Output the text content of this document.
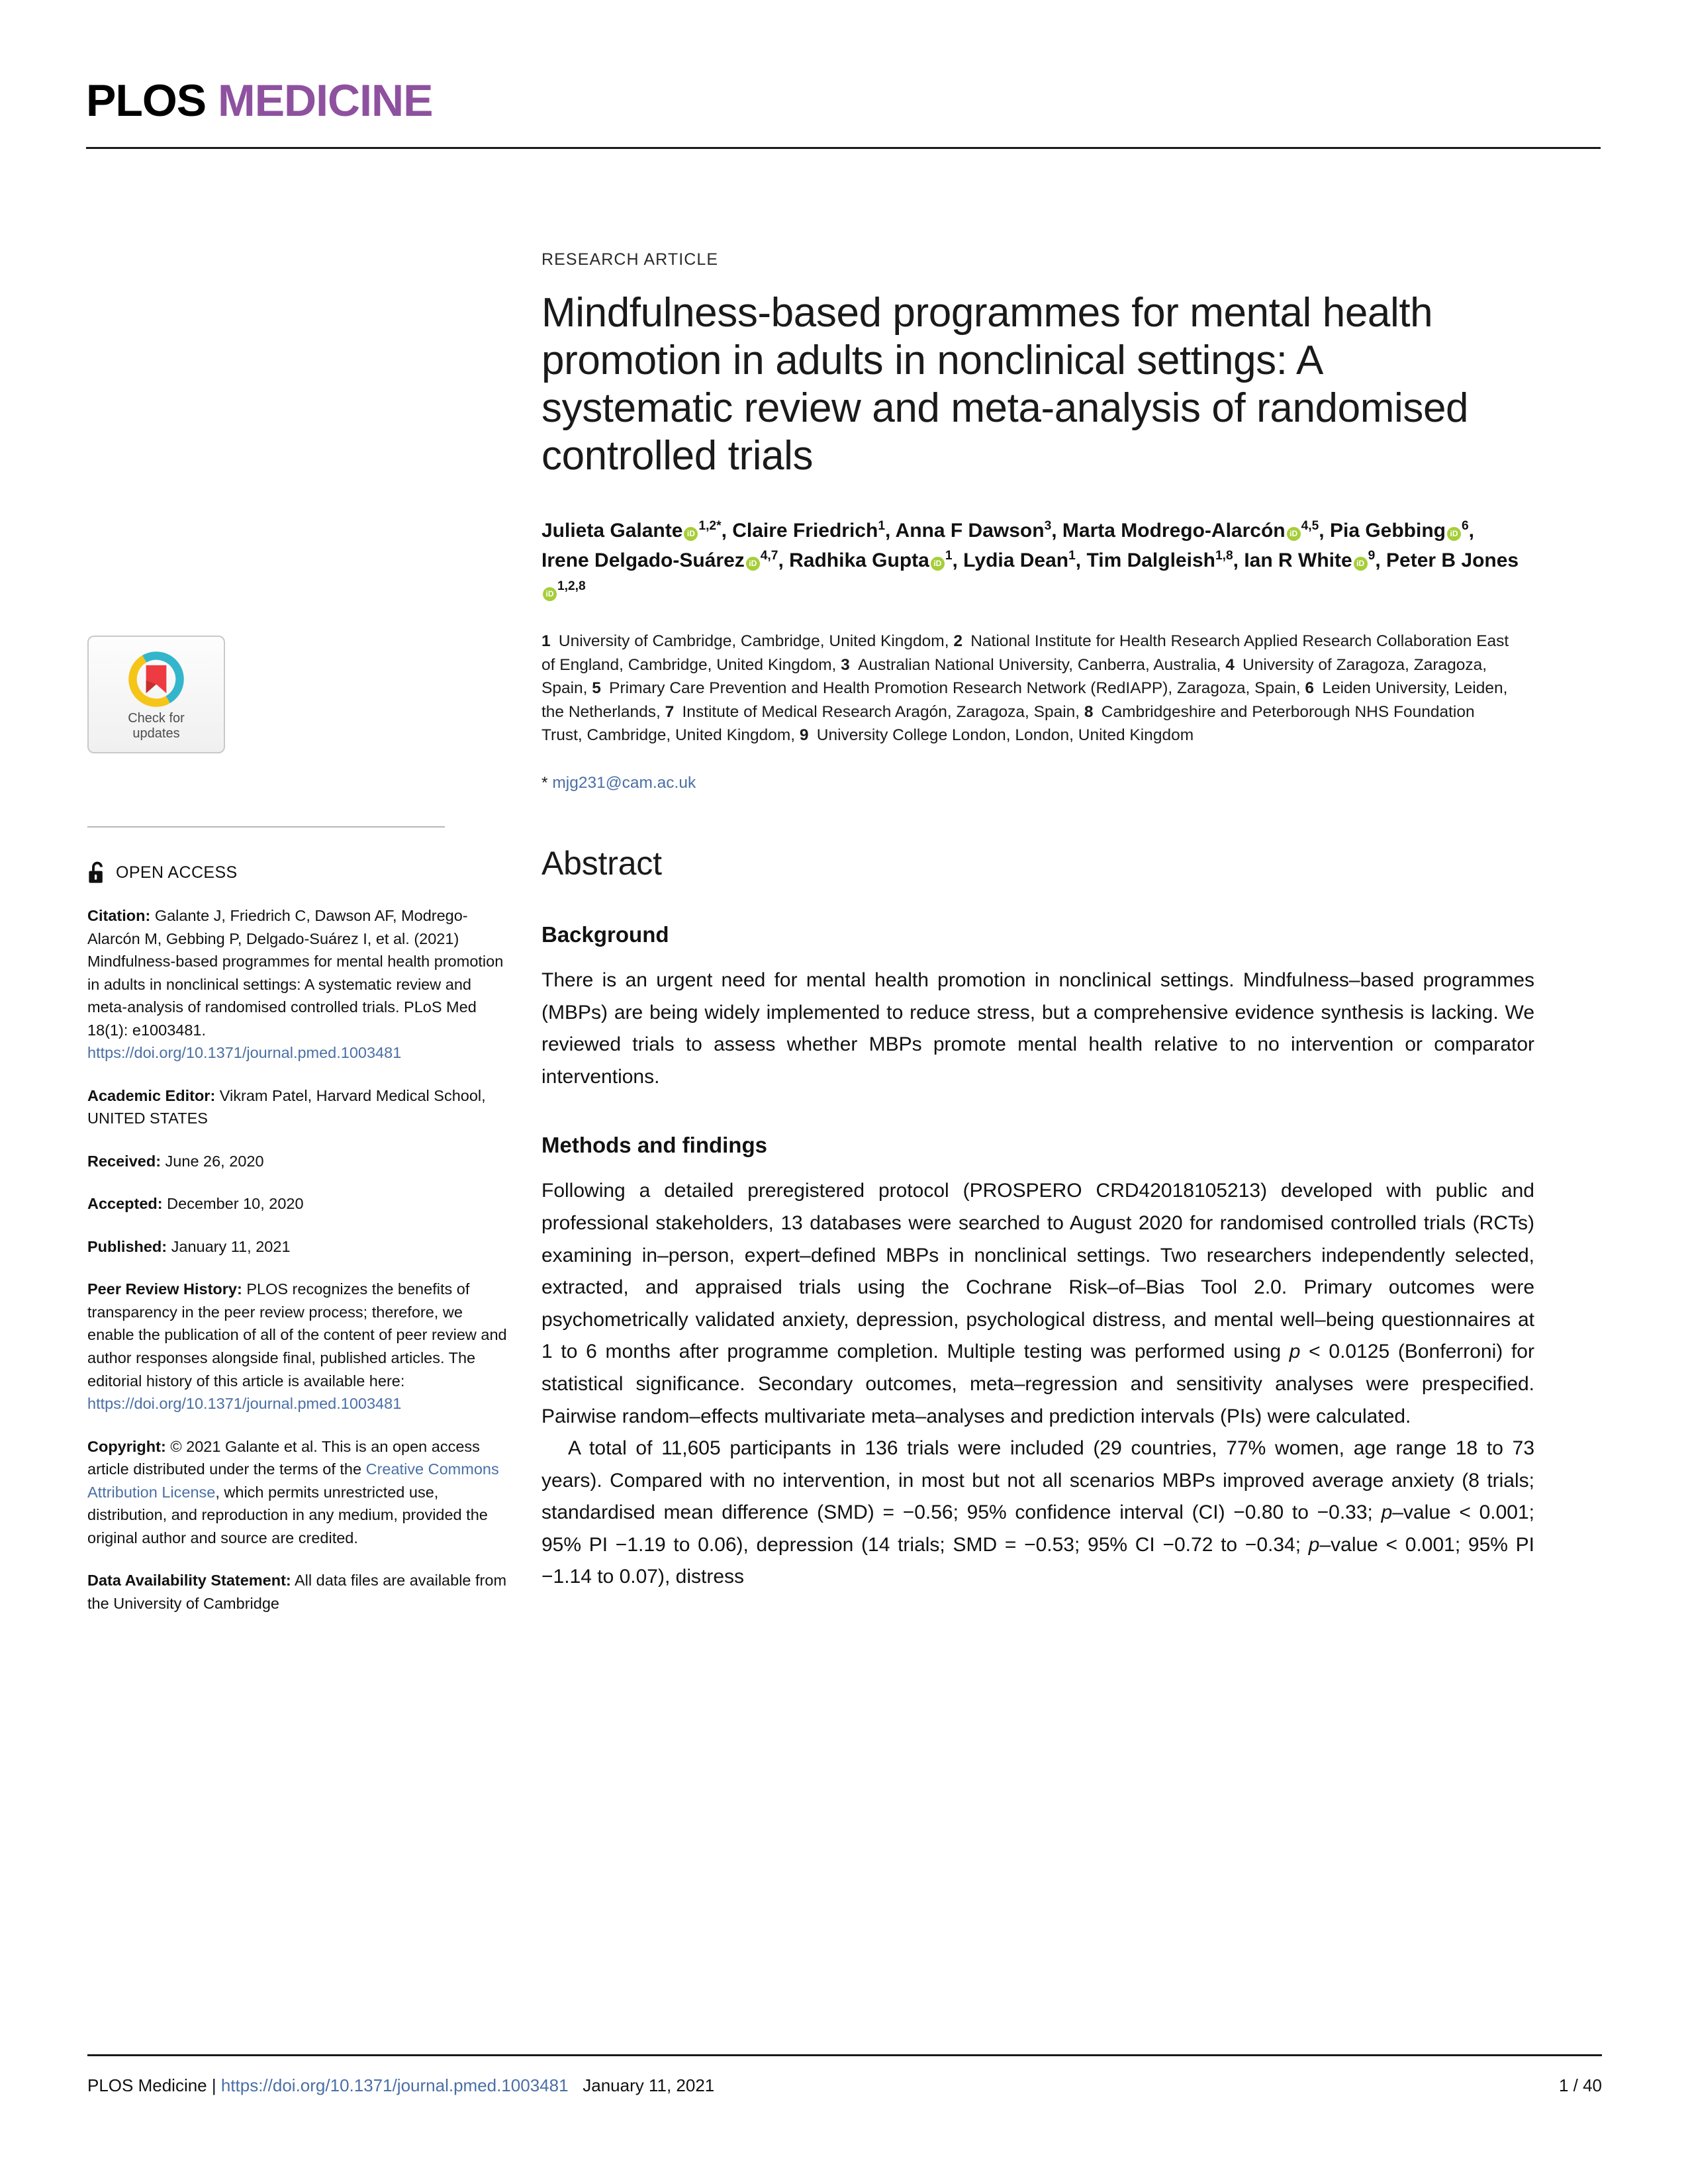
PLOS MEDICINE
Check for
updates
OPEN ACCESS
Citation: Galante J, Friedrich C, Dawson AF, Modrego-Alarcón M, Gebbing P, Delgado-Suárez I, et al. (2021) Mindfulness-based programmes for mental health promotion in adults in nonclinical settings: A systematic review and meta-analysis of randomised controlled trials. PLoS Med 18(1): e1003481. https://doi.org/10.1371/journal.pmed.1003481
Academic Editor: Vikram Patel, Harvard Medical School, UNITED STATES
Received: June 26, 2020
Accepted: December 10, 2020
Published: January 11, 2021
Peer Review History: PLOS recognizes the benefits of transparency in the peer review process; therefore, we enable the publication of all of the content of peer review and author responses alongside final, published articles. The editorial history of this article is available here: https://doi.org/10.1371/journal.pmed.1003481
Copyright: © 2021 Galante et al. This is an open access article distributed under the terms of the Creative Commons Attribution License, which permits unrestricted use, distribution, and reproduction in any medium, provided the original author and source are credited.
Data Availability Statement: All data files are available from the University of Cambridge
RESEARCH ARTICLE
Mindfulness-based programmes for mental health promotion in adults in nonclinical settings: A systematic review and meta-analysis of randomised controlled trials
Julieta Galante $iD^{1,2*}$, Claire Friedrich$^1$, Anna F Dawson$^3$, Marta Modrego-Alarcón iD$^{4,5}$, Pia Gebbing $iD^6$, Irene Delgado-Suárez iD$^{4,7}$, Radhika Gupta $iD^1$, Lydia Dean$^1$, Tim Dalgleish$^{1,8}$, Ian R White $iD^9$, Peter B JonesiD$^{1,2,8}$
1 University of Cambridge, Cambridge, United Kingdom, 2 National Institute for Health Research Applied Research Collaboration East of England, Cambridge, United Kingdom, 3 Australian National University, Canberra, Australia, 4 University of Zaragoza, Zaragoza, Spain, 5 Primary Care Prevention and Health Promotion Research Network (RedIAPP), Zaragoza, Spain, 6 Leiden University, Leiden, the Netherlands, 7 Institute of Medical Research Aragón, Zaragoza, Spain, 8 Cambridgeshire and Peterborough NHS Foundation Trust, Cambridge, United Kingdom, 9 University College London, London, United Kingdom
* mjg231@cam.ac.uk
Abstract
Background

There is an urgent need for mental health promotion in nonclinical settings. Mindfulness–based programmes (MBPs) are being widely implemented to reduce stress, but a comprehensive evidence synthesis is lacking. We reviewed trials to assess whether MBPs promote mental health relative to no intervention or comparator interventions.

Methods and findings

Following a detailed preregistered protocol (PROSPERO CRD42018105213) developed with public and professional stakeholders, 13 databases were searched to August 2020 for randomised controlled trials (RCTs) examining in–person, expert–defined MBPs in nonclinical settings. Two researchers independently selected, extracted, and appraised trials using the Cochrane Risk–of–Bias Tool 2.0. Primary outcomes were psychometrically validated anxiety, depression, psychological distress, and mental well–being questionnaires at 1 to 6 months after programme completion. Multiple testing was performed using p < 0.0125 (Bonferroni) for statistical significance. Secondary outcomes, meta–regression and sensitivity analyses were prespecified. Pairwise random–effects multivariate meta–analyses and prediction intervals (PIs) were calculated.

A total of 11,605 participants in 136 trials were included (29 countries, 77% women, age range 18 to 73 years). Compared with no intervention, in most but not all scenarios MBPs improved average anxiety (8 trials; standardised mean difference (SMD) = −0.56; 95% confidence interval (CI) −0.80 to −0.33; p–value < 0.001; 95% PI −1.19 to 0.06), depression (14 trials; SMD = −0.53; 95% CI −0.72 to −0.34; p–value < 0.001; 95% PI −1.14 to 0.07), distress

PLOS Medicine | https://doi.org/10.1371/journal.pmed.1003481 January 11, 2021	1 / 40
